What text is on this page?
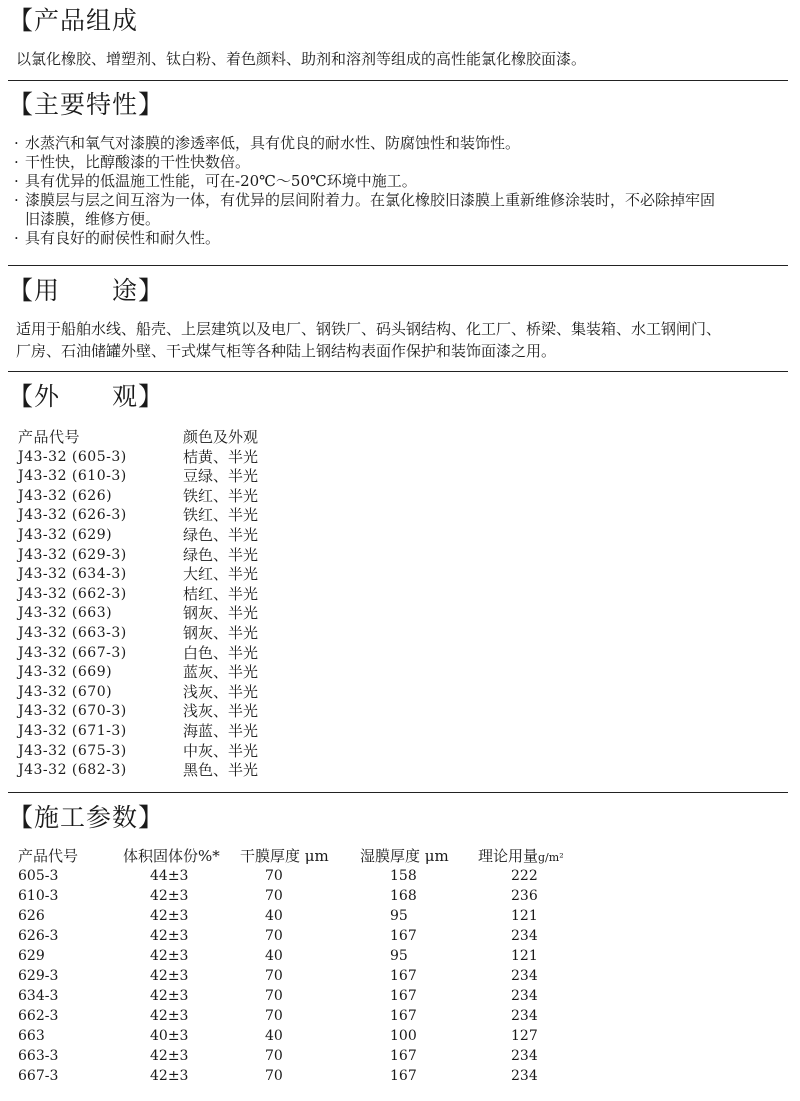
【产品组成
以氯化橡胶、增塑剂、钛白粉、着色颜料、助剂和溶剂等组成的高性能氯化橡胶面漆。
【主要特性】
· 水蒸汽和氧气对漆膜的渗透率低，具有优良的耐水性、防腐蚀性和装饰性。
· 干性快，比醇酸漆的干性快数倍。
· 具有优异的低温施工性能，可在-20℃～50℃环境中施工。
· 漆膜层与层之间互溶为一体，有优异的层间附着力。在氯化橡胶旧漆膜上重新维修涂装时，不必除掉牢固
旧漆膜，维修方便。
· 具有良好的耐侯性和耐久性。
【用　　途】
适用于船舶水线、船壳、上层建筑以及电厂、钢铁厂、码头钢结构、化工厂、桥梁、集装箱、水工钢闸门、
厂房、石油储罐外壁、干式煤气柜等各种陆上钢结构表面作保护和装饰面漆之用。
【外　　观】
产品代号	颜色及外观
J43-32 (605-3)	桔黄、半光
J43-32 (610-3)	豆绿、半光
J43-32 (626)	铁红、半光
J43-32 (626-3)	铁红、半光
J43-32 (629)	绿色、半光
J43-32 (629-3)	绿色、半光
J43-32 (634-3)	大红、半光
J43-32 (662-3)	桔红、半光
J43-32 (663)	钢灰、半光
J43-32 (663-3)	钢灰、半光
J43-32 (667-3)	白色、半光
J43-32 (669)	蓝灰、半光
J43-32 (670)	浅灰、半光
J43-32 (670-3)	浅灰、半光
J43-32 (671-3)	海蓝、半光
J43-32 (675-3)	中灰、半光
J43-32 (682-3)	黑色、半光
【施工参数】
产品代号	体积固体份%* 干膜厚度 μm 湿膜厚度 μm 理论用量g/m²
605-3	44±3	70	158	222
610-3	42±3	70	168	236
626	42±3	40	95	121
626-3	42±3	70	167	234
629	42±3	40	95	121
629-3	42±3	70	167	234
634-3	42±3	70	167	234
662-3	42±3	70	167	234
663	40±3	40	100	127
663-3	42±3	70	167	234
667-3	42±3	70	167	234
